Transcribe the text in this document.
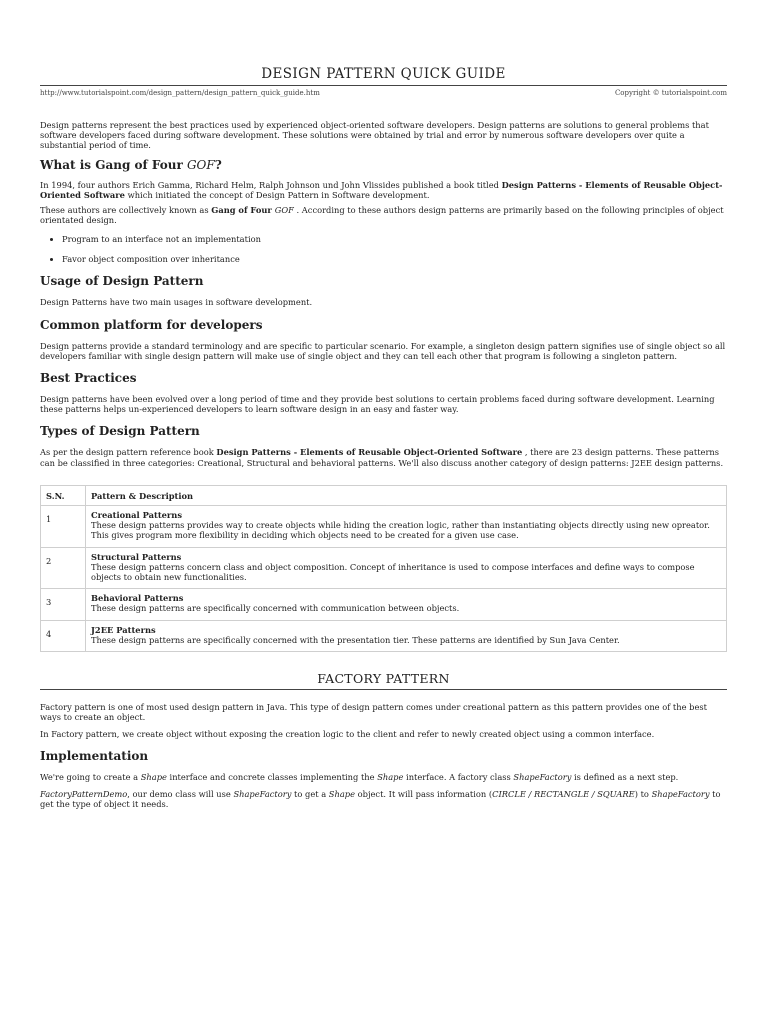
DESIGN PATTERN QUICK GUIDE
http://www.tutorialspoint.com/design_pattern/design_pattern_quick_guide.htm	Copyright © tutorialspoint.com

Design patterns represent the best practices used by experienced object-oriented software developers. Design patterns are solutions to general problems that software developers faced during software development. These solutions were obtained by trial and error by numerous software developers over quite a substantial period of time.

What is Gang of Four GOF?

In 1994, four authors Erich Gamma, Richard Helm, Ralph Johnson und John Vlissides published a book titled Design Patterns - Elements of Reusable Object-Oriented Software which initiated the concept of Design Pattern in Software development.

These authors are collectively known as Gang of Four GOF . According to these authors design patterns are primarily based on the following principles of object orientated design.

• Program to an interface not an implementation
• Favor object composition over inheritance
Usage of Design Pattern

Design Patterns have two main usages in software development.

Common platform for developers

Design patterns provide a standard terminology and are specific to particular scenario. For example, a singleton design pattern signifies use of single object so all developers familiar with single design pattern will make use of single object and they can tell each other that program is following a singleton pattern.

Best Practices

Design patterns have been evolved over a long period of time and they provide best solutions to certain problems faced during software development. Learning these patterns helps un-experienced developers to learn software design in an easy and faster way.

Types of Design Pattern

As per the design pattern reference book Design Patterns - Elements of Reusable Object-Oriented Software , there are 23 design patterns. These patterns can be classified in three categories: Creational, Structural and behavioral patterns. We'll also discuss another category of design patterns: J2EE design patterns.

S.N.	Pattern & Description
1	Creational Patterns
These design patterns provides way to create objects while hiding the creation logic, rather than instantiating objects directly using new opreator. This gives program more flexibility in deciding which objects need to be created for a given use case.
2	Structural Patterns
These design patterns concern class and object composition. Concept of inheritance is used to compose interfaces and define ways to compose objects to obtain new functionalities.
3	Behavioral Patterns
These design patterns are specifically concerned with communication between objects.
4	J2EE Patterns
These design patterns are specifically concerned with the presentation tier. These patterns are identified by Sun Java Center.
FACTORY PATTERN

Factory pattern is one of most used design pattern in Java. This type of design pattern comes under creational pattern as this pattern provides one of the best ways to create an object.

In Factory pattern, we create object without exposing the creation logic to the client and refer to newly created object using a common interface.

Implementation

We're going to create a Shape interface and concrete classes implementing the Shape interface. A factory class ShapeFactory is defined as a next step.

FactoryPatternDemo, our demo class will use ShapeFactory to get a Shape object. It will pass information (CIRCLE / RECTANGLE / SQUARE) to ShapeFactory to get the type of object it needs.
